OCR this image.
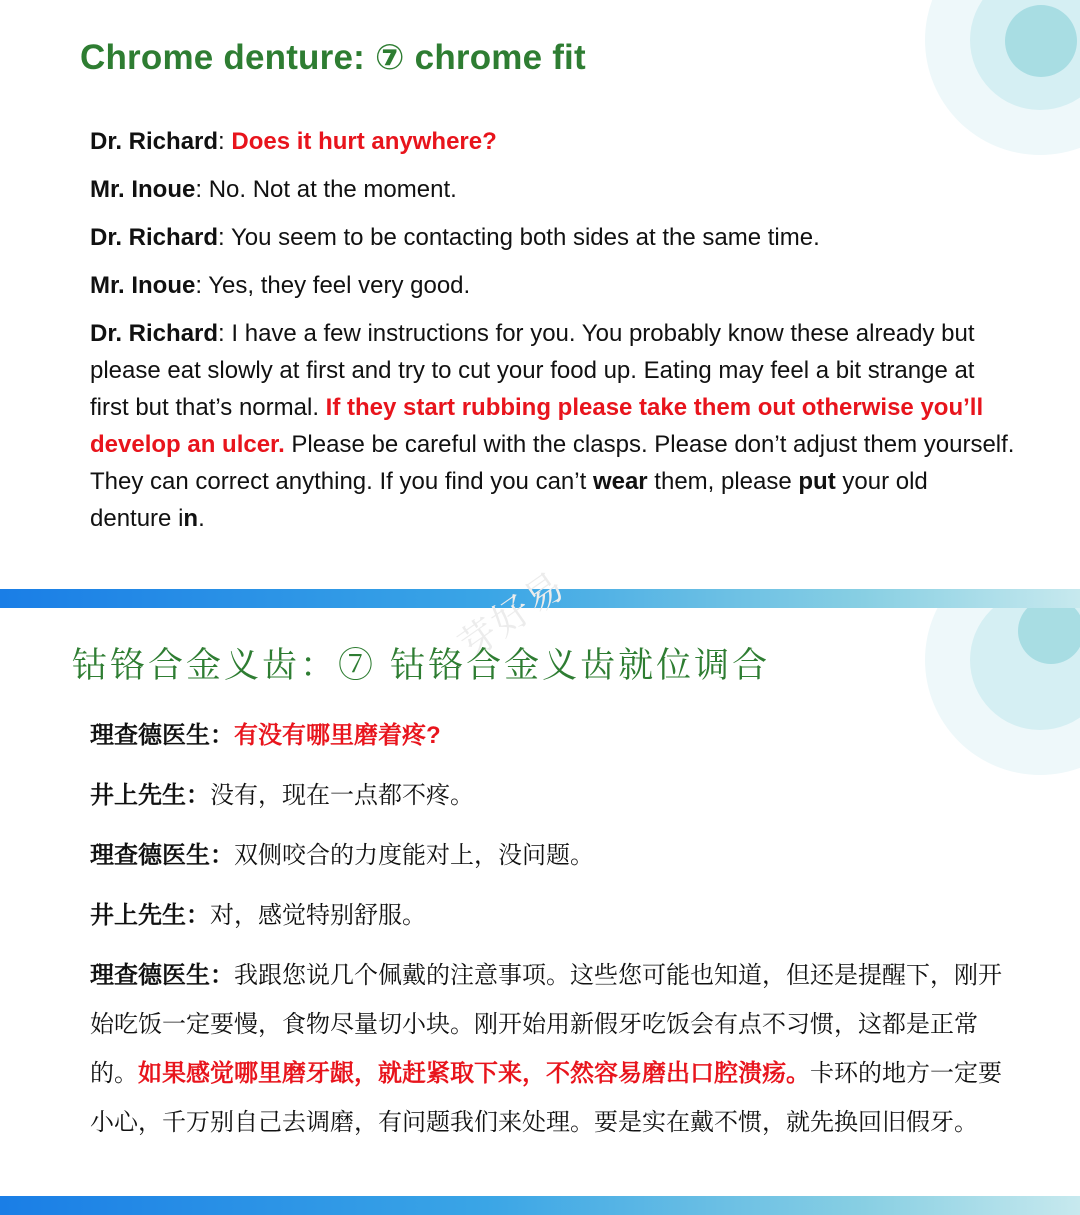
Chrome denture: ⑦ chrome fit

Dr. Richard: Does it hurt anywhere?

Mr. Inoue: No. Not at the moment.

Dr. Richard: You seem to be contacting both sides at the same time.

Mr. Inoue: Yes, they feel very good.

Dr. Richard: I have a few instructions for you. You probably know these already but please eat slowly at first and try to cut your food up. Eating may feel a bit strange at first but that’s normal. If they start rubbing please take them out otherwise you’ll develop an ulcer. Please be careful with the clasps. Please don’t adjust them yourself. They can correct anything. If you find you can’t wear them, please put your old denture in.

芽好易
钴铬合金义齿：⑦ 钴铬合金义齿就位调合

理查德医生：有没有哪里磨着疼?

井上先生：没有，现在一点都不疼。

理查德医生：双侧咬合的力度能对上，没问题。

井上先生：对，感觉特别舒服。

理查德医生：我跟您说几个佩戴的注意事项。这些您可能也知道，但还是提醒下，刚开始吃饭一定要慢，食物尽量切小块。刚开始用新假牙吃饭会有点不习惯，这都是正常的。如果感觉哪里磨牙龈，就赶紧取下来，不然容易磨出口腔溃疡。卡环的地方一定要小心，千万别自己去调磨，有问题我们来处理。要是实在戴不惯，就先换回旧假牙。
